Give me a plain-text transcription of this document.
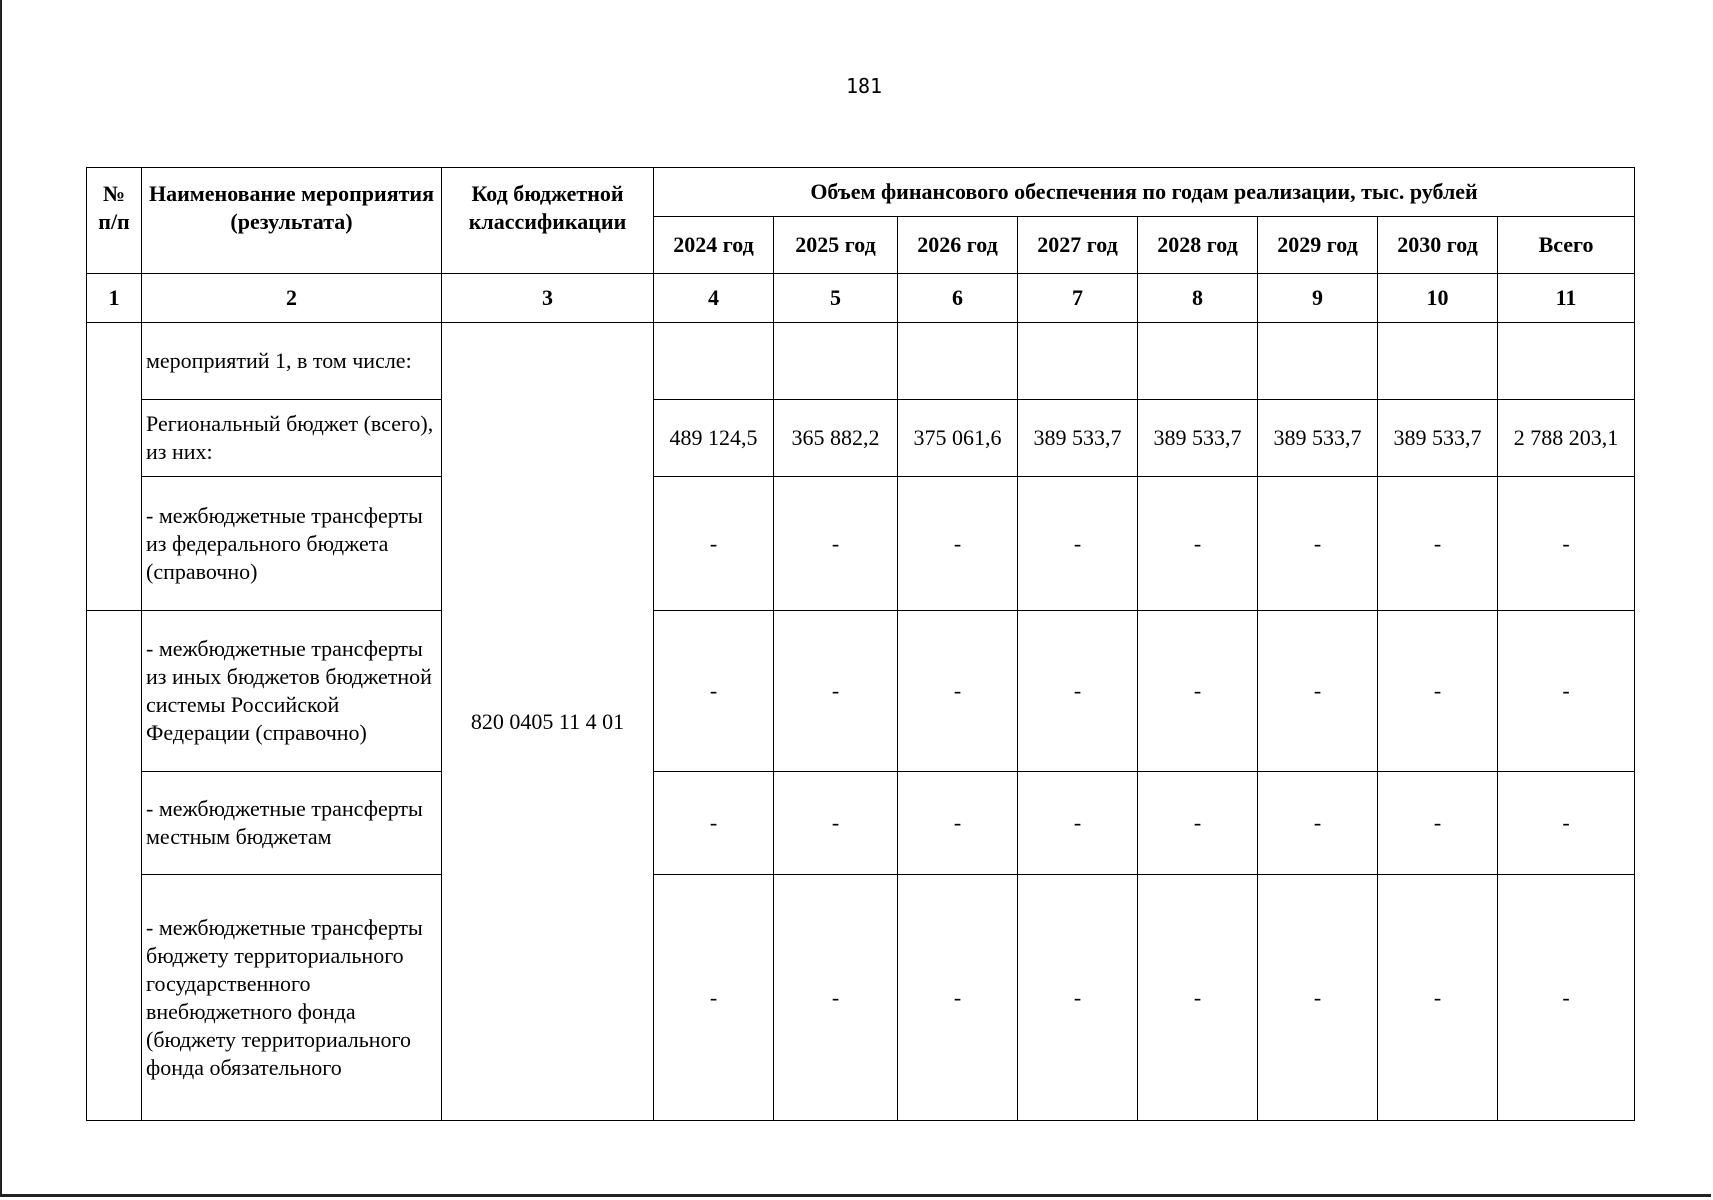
181
№
п/п	Наименование мероприятия (результата)	Код бюджетной классификации	Объем финансового обеспечения по годам реализации, тыс. рублей							
			2024 год	2025 год	2026 год	2027 год	2028 год	2029 год	2030 год	Всего
1	2	3	4	5	6	7	8	9	10	11
	мероприятий 1, в том числе:	820 0405 11 4 01								
	Региональный бюджет (всего), из них:		489 124,5	365 882,2	375 061,6	389 533,7	389 533,7	389 533,7	389 533,7	2 788 203,1
	- межбюджетные трансферты из федерального бюджета (справочно)		-	-	-	-	-	-	-	-
	- межбюджетные трансферты из иных бюджетов бюджетной системы Российской Федерации (справочно)		-	-	-	-	-	-	-	-
	- межбюджетные трансферты местным бюджетам		-	-	-	-	-	-	-	-
	- межбюджетные трансферты бюджету территориального государственного внебюджетного фонда (бюджету территориального фонда обязательного		-	-	-	-	-	-	-	-
